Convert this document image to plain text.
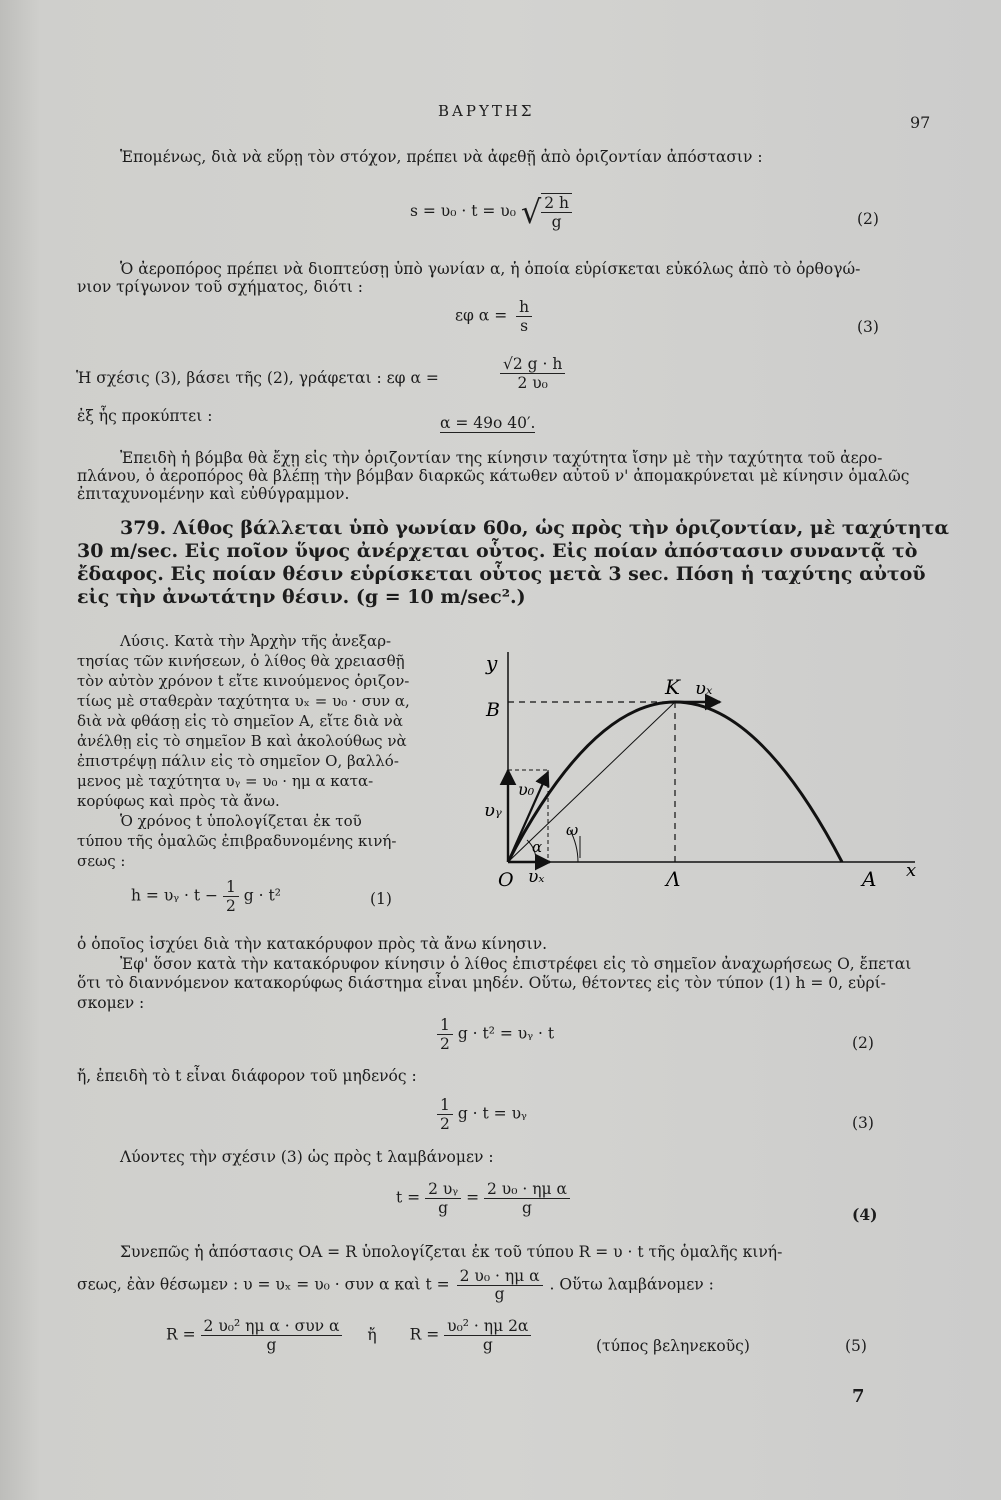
ΒΑΡΥΤΗΣ
97
Ἑπομένως, διὰ νὰ εὕρῃ τὸν στόχον, πρέπει νὰ ἀφεθῇ ἀπὸ ὁριζοντίαν ἀπόστασιν :
s = υ₀ · t = υ₀ √ $\frac{2 h}{g}$	(2)
Ὁ ἀεροπόρος πρέπει νὰ διοπτεύσῃ ὑπὸ γωνίαν α, ἡ ὁποία εὑρίσκεται εὐκόλως ἀπὸ τὸ ὀρθογώ-
νιον τρίγωνον τοῦ σχήματος, διότι :
εφ $\alpha = \frac{h}{s}$	(3)
Ἡ σχέσις (3), βάσει τῆς (2), γράφεται : εφ α =	$\frac{√2 g \cdot h}{\text{2 υ₀}}$
ἐξ ἧς προκύπτει :	α = 49ο 40′.
Ἐπειδὴ ἡ βόμβα θὰ ἔχῃ εἰς τὴν ὁριζοντίαν της κίνησιν ταχύτητα ἴσην μὲ τὴν ταχύτητα τοῦ ἀερο-
πλάνου, ὁ ἀεροπόρος θὰ βλέπῃ τὴν βόμβαν διαρκῶς κάτωθεν αὐτοῦ ν' ἀπομακρύνεται μὲ κίνησιν ὁμαλῶς
ἐπιταχυνομένην καὶ εὐθύγραμμον.
379. Λίθος βάλλεται ὑπὸ γωνίαν 60ο, ὡς πρὸς τὴν ὁριζοντίαν, μὲ ταχύτητα
30 m/sec. Εἰς ποῖον ὕψος ἀνέρχεται οὗτος. Εἰς ποίαν ἀπόστασιν συναντᾷ τὸ
ἔδαφος. Εἰς ποίαν θέσιν εὑρίσκεται οὗτος μετὰ 3 sec. Πόση ἡ ταχύτης αὐτοῦ
εἰς τὴν ἀνωτάτην θέσιν. (g = 10 m/sec².)
Λύσις. Κατὰ τὴν Ἀρχὴν τῆς ἀνεξαρ-
τησίας τῶν κινήσεων, ὁ λίθος θὰ χρειασθῇ
τὸν αὐτὸν χρόνον t εἴτε κινούμενος ὁριζον-
τίως μὲ σταθερὰν ταχύτητα υₓ = υ₀ · συν α,
διὰ νὰ φθάσῃ εἰς τὸ σημεῖον Α, εἴτε διὰ νὰ
ἀνέλθῃ εἰς τὸ σημεῖον Β καὶ ἀκολούθως νὰ
ἐπιστρέψῃ πάλιν εἰς τὸ σημεῖον Ο, βαλλό-
μενος μὲ ταχύτητα υᵧ = υ₀ · ημ α κατα-
κορύφως καὶ πρὸς τὰ ἄνω.
Ὁ χρόνος t ὑπολογίζεται ἐκ τοῦ
τύπου τῆς ὁμαλῶς ἐπιβραδυνομένης κινή-
σεως :
h = υᵧ · $t - \frac{1}{2}$ g · t²	(1)
y
B
K υₓ
υ₀
υᵧ
ω
α
O υₓ	Λ	A x
ὁ ὁποῖος ἰσχύει διὰ τὴν κατακόρυφον πρὸς τὰ ἄνω κίνησιν.
Ἐφ' ὅσον κατὰ τὴν κατακόρυφον κίνησιν ὁ λίθος ἐπιστρέφει εἰς τὸ σημεῖον ἀναχωρήσεως Ο, ἔπεται
ὅτι τὸ διαννόμενον κατακορύφως διάστημα εἶναι μηδέν. Οὕτω, θέτοντες εἰς τὸν τύπον (1) h = 0, εὑρί-
σκομεν :
$\frac{1}{2}$ g · t² = υᵧ · t
(2)
ἤ, ἐπειδὴ τὸ t εἶναι διάφορον τοῦ μηδενός :
$\frac{1}{2}$ g · t = υᵧ
(3)
Λύοντες τὴν σχέσιν (3) ὡς πρὸς t λαμβάνομεν :
$t = \frac{\text{2 υᵧ}}{g} = \frac{\text{2 υ₀ · ημ α}}{g}$	(4)
Συνεπῶς ἡ ἀπόστασις ΟΑ = R ὑπολογίζεται ἐκ τοῦ τύπου R = υ · t τῆς ὁμαλῆς κινή-
σεως, ἐὰν θέσωμεν : υ = υₓ = υ₀ · συν α καὶ $t = \frac{\text{2 υ₀ · ημ α}}{g}$ . Οὕτω λαμβάνομεν :
$R = \frac{\text{2 υ₀² ημ α · συν α}}{g}$ ἤ $R = \frac{\text{υ₀² · ημ 2α}}{g}$	(τύπος βεληνεκοῦς)	(5)
7
